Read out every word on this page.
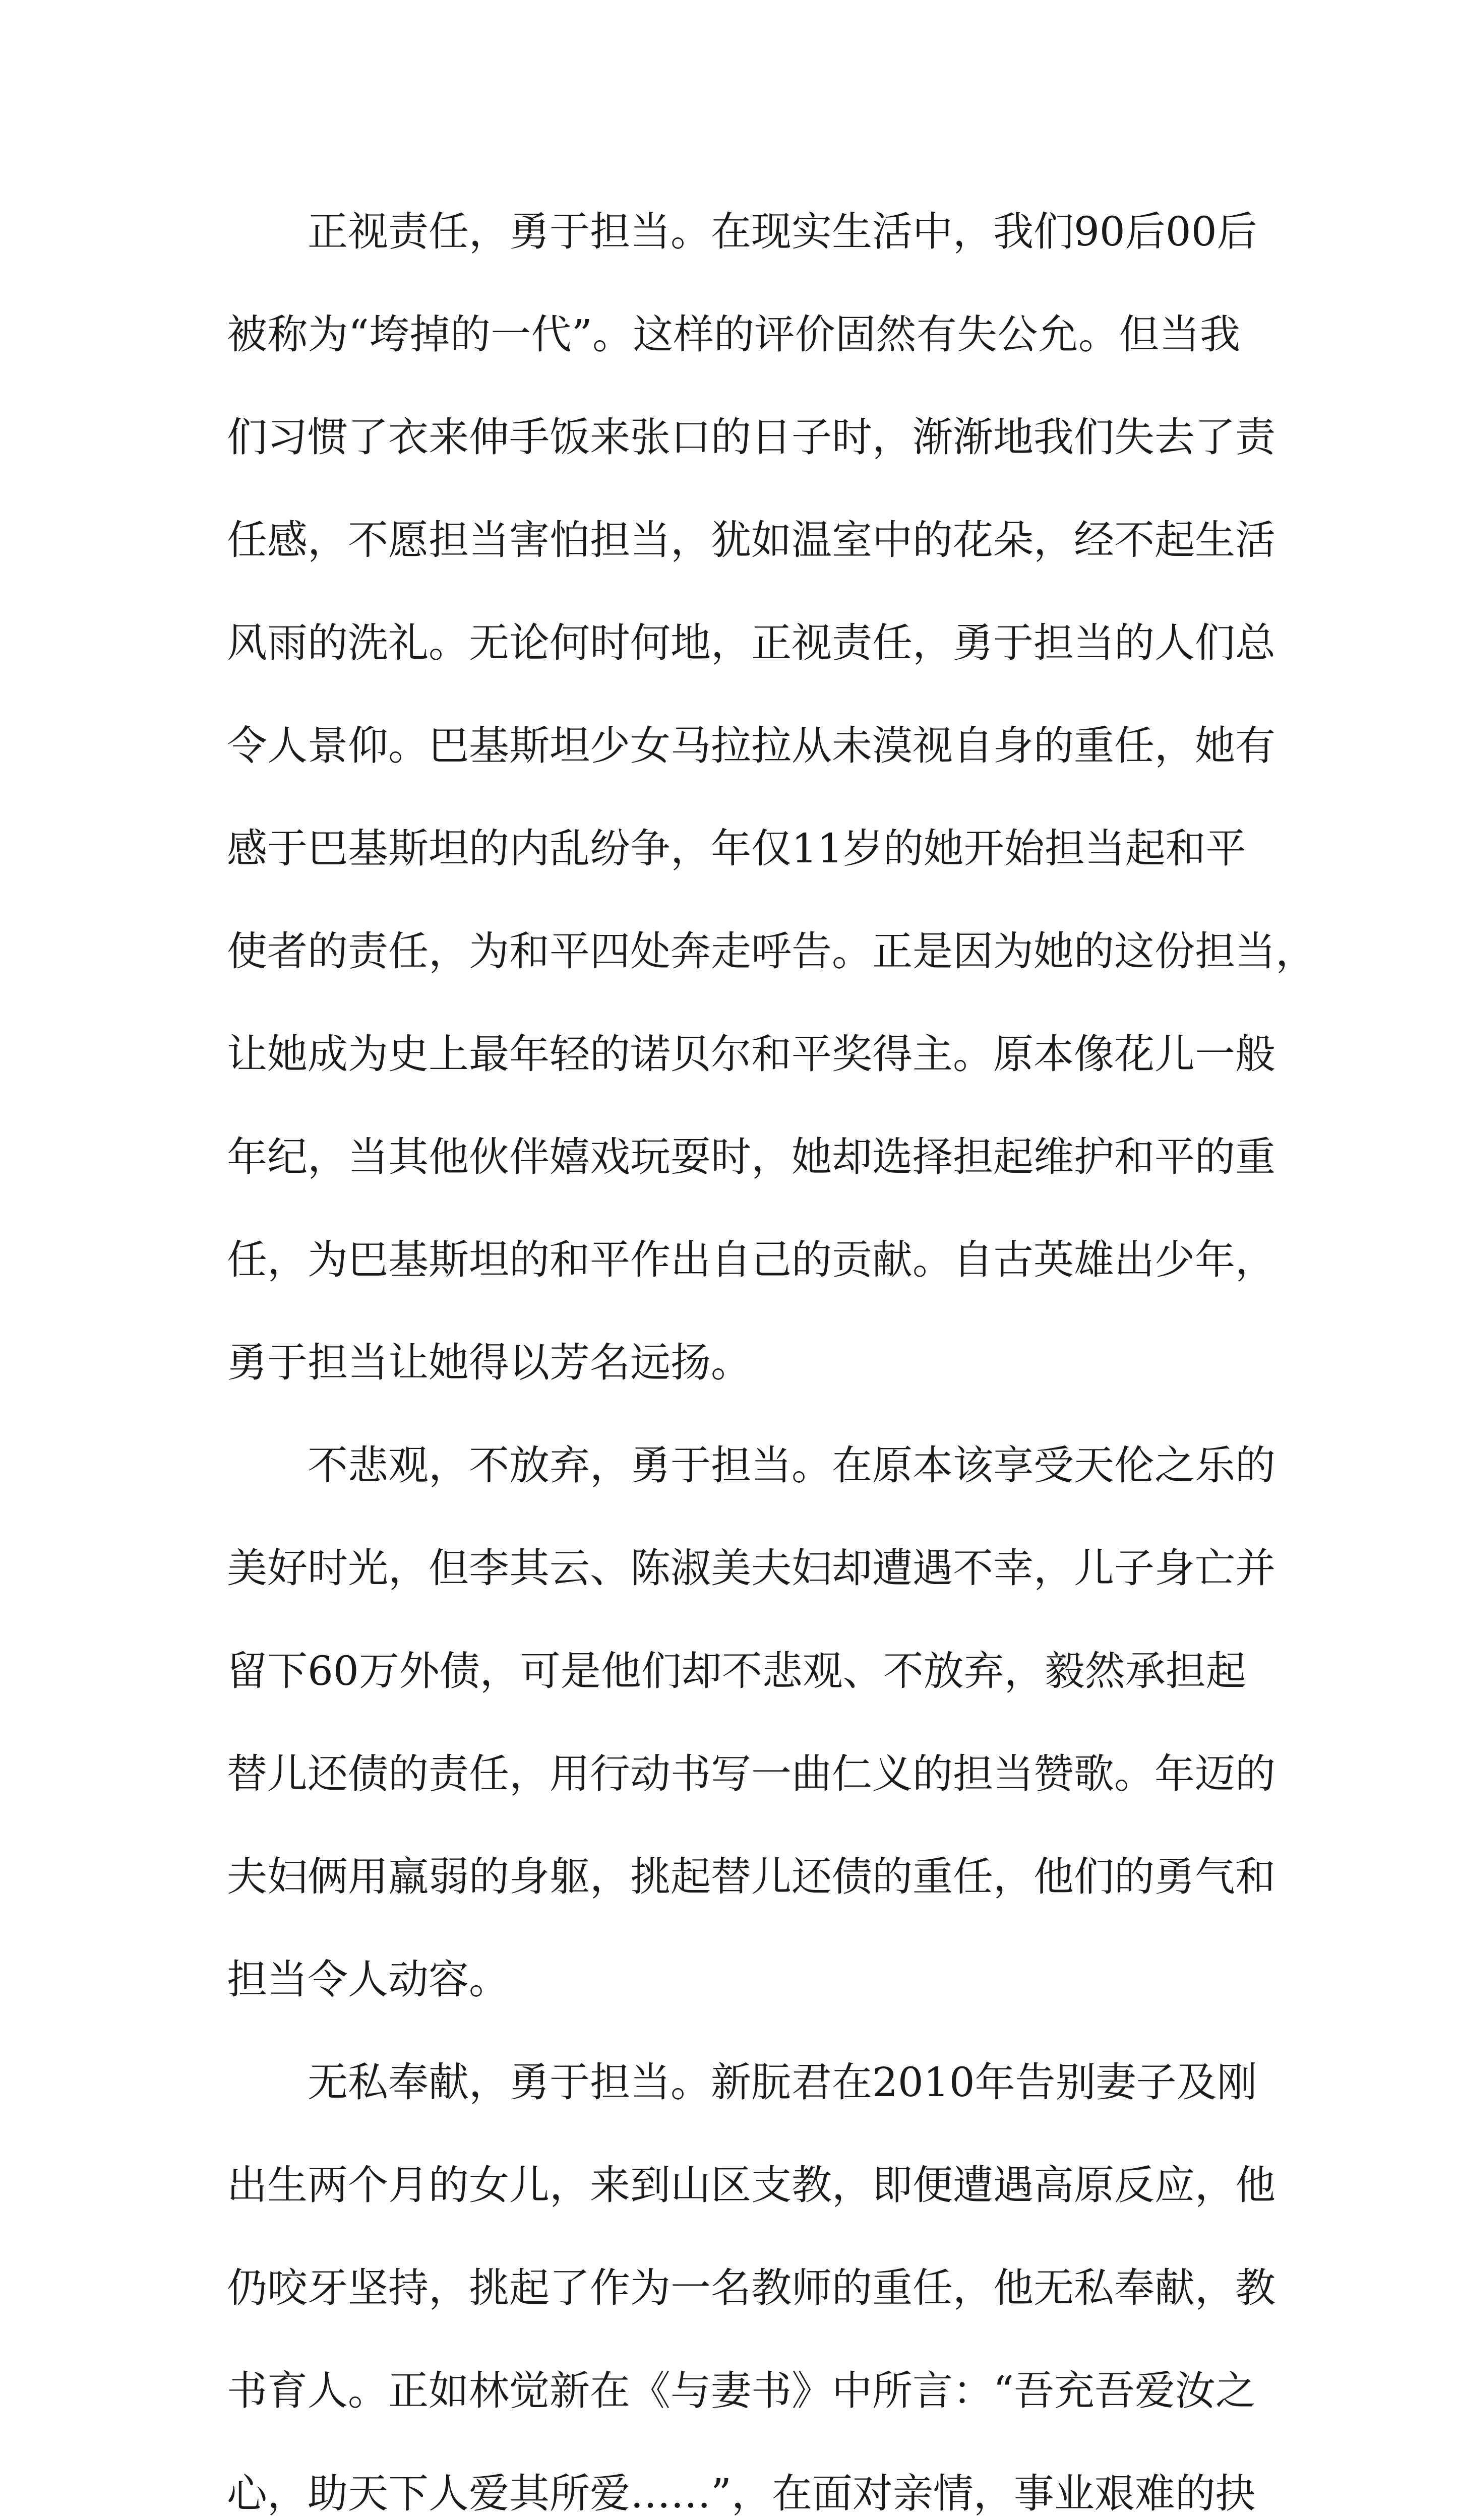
正视责任，勇于担当。在现实生活中，我们90后00后
被称为“垮掉的一代”。这样的评价固然有失公允。但当我
们习惯了衣来伸手饭来张口的日子时，渐渐地我们失去了责
任感，不愿担当害怕担当，犹如温室中的花朵，经不起生活
风雨的洗礼。无论何时何地，正视责任，勇于担当的人们总
令人景仰。巴基斯坦少女马拉拉从未漠视自身的重任，她有
感于巴基斯坦的内乱纷争，年仅11岁的她开始担当起和平
使者的责任，为和平四处奔走呼告。正是因为她的这份担当，
让她成为史上最年轻的诺贝尔和平奖得主。原本像花儿一般
年纪，当其他伙伴嬉戏玩耍时，她却选择担起维护和平的重
任，为巴基斯坦的和平作出自己的贡献。自古英雄出少年，
勇于担当让她得以芳名远扬。
不悲观，不放弃，勇于担当。在原本该享受天伦之乐的
美好时光，但李其云、陈淑美夫妇却遭遇不幸，儿子身亡并
留下60万外债，可是他们却不悲观、不放弃，毅然承担起
替儿还债的责任，用行动书写一曲仁义的担当赞歌。年迈的
夫妇俩用羸弱的身躯，挑起替儿还债的重任，他们的勇气和
担当令人动容。
无私奉献，勇于担当。新朊君在2010年告别妻子及刚
出生两个月的女儿，来到山区支教，即便遭遇高原反应，他
仍咬牙坚持，挑起了作为一名教师的重任，他无私奉献，教
书育人。正如林觉新在《与妻书》中所言：“吾充吾爱汝之
心，助天下人爱其所爱……”，在面对亲情，事业艰难的抉
